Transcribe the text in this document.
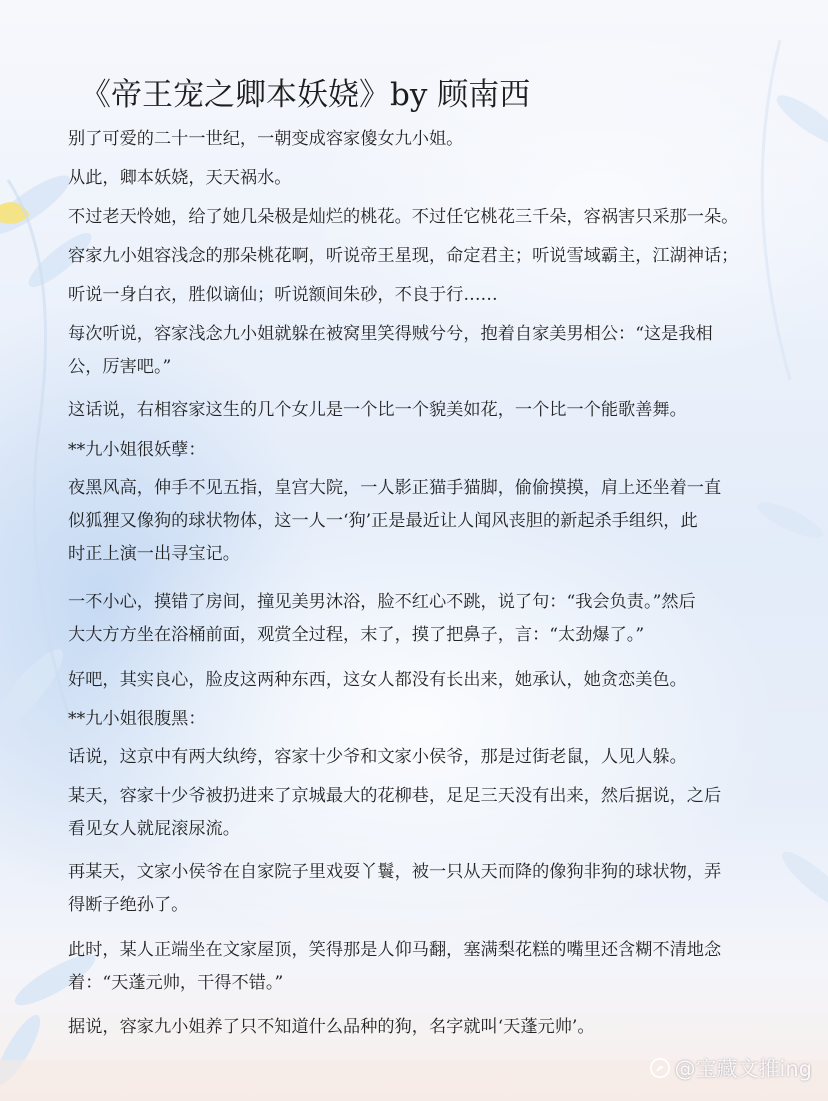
《帝王宠之卿本妖娆》by 顾南西

别了可爱的二十一世纪，一朝变成容家傻女九小姐。

从此，卿本妖娆，天天祸水。

不过老天怜她，给了她几朵极是灿烂的桃花。不过任它桃花三千朵，容祸害只采那一朵。

容家九小姐容浅念的那朵桃花啊，听说帝王星现，命定君主；听说雪域霸主，江湖神话；

听说一身白衣，胜似谪仙；听说额间朱砂，不良于行……

每次听说，容家浅念九小姐就躲在被窝里笑得贼兮兮，抱着自家美男相公：“这是我相
公，厉害吧。”

这话说，右相容家这生的几个女儿是一个比一个貌美如花，一个比一个能歌善舞。

**九小姐很妖孽：

夜黑风高，伸手不见五指，皇宫大院，一人影正猫手猫脚，偷偷摸摸，肩上还坐着一直
似狐狸又像狗的球状物体，这一人一‘狗’正是最近让人闻风丧胆的新起杀手组织，此
时正上演一出寻宝记。

一不小心，摸错了房间，撞见美男沐浴，脸不红心不跳，说了句：“我会负责。”然后
大大方方坐在浴桶前面，观赏全过程，末了，摸了把鼻子，言：“太劲爆了。”

好吧，其实良心，脸皮这两种东西，这女人都没有长出来，她承认，她贪恋美色。

**九小姐很腹黑：

话说，这京中有两大纨绔，容家十少爷和文家小侯爷，那是过街老鼠，人见人躲。

某天，容家十少爷被扔进来了京城最大的花柳巷，足足三天没有出来，然后据说，之后
看见女人就屁滚尿流。

再某天，文家小侯爷在自家院子里戏耍丫鬟，被一只从天而降的像狗非狗的球状物，弄
得断子绝孙了。

此时，某人正端坐在文家屋顶，笑得那是人仰马翻，塞满梨花糕的嘴里还含糊不清地念
着：“天蓬元帅，干得不错。”

据说，容家九小姐养了只不知道什么品种的狗，名字就叫‘天蓬元帅’。

@宝藏文推ing
